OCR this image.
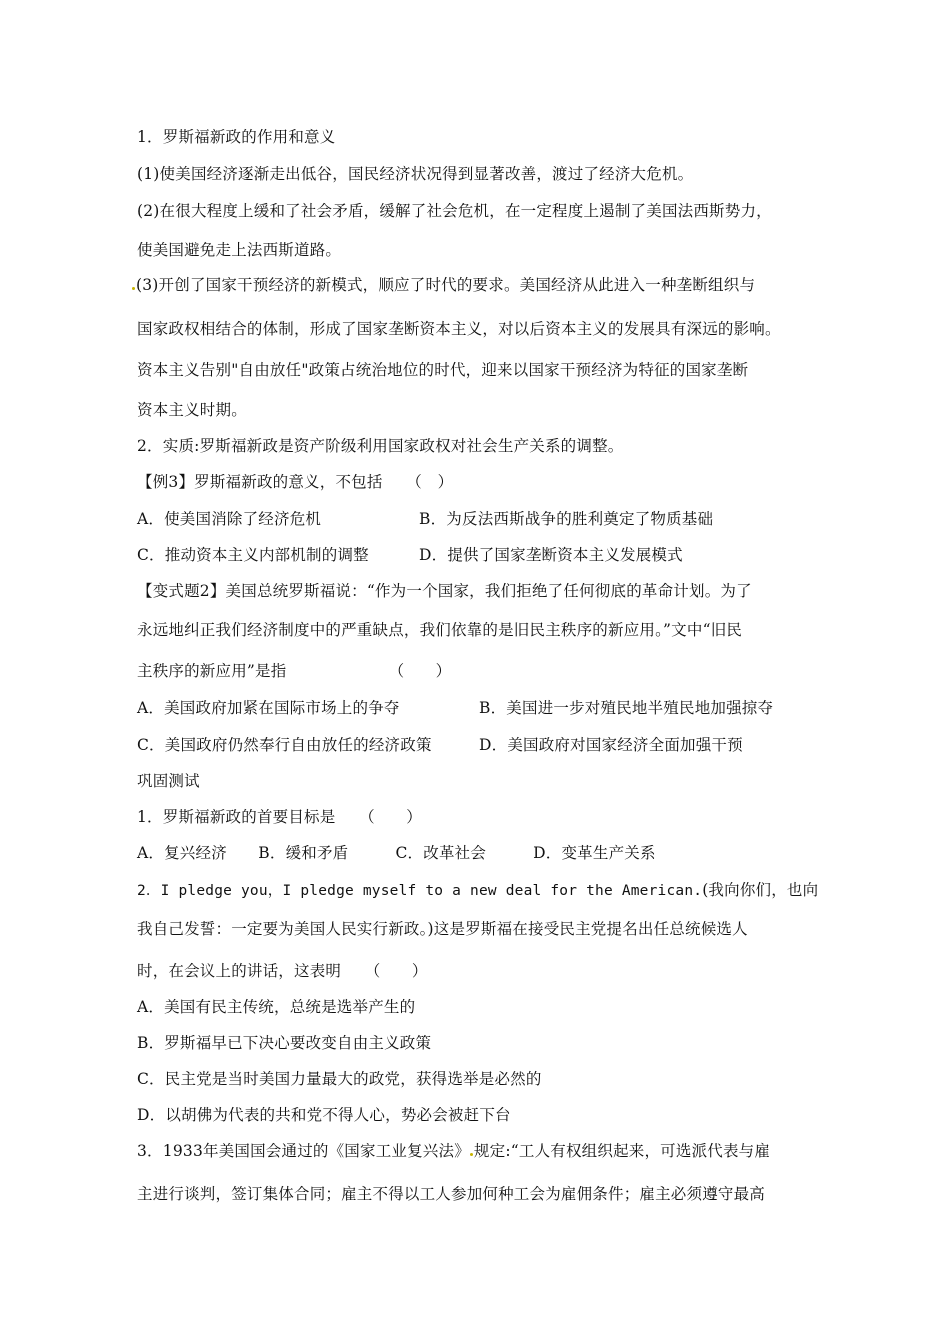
1．罗斯福新政的作用和意义
(1)使美国经济逐渐走出低谷，国民经济状况得到显著改善，渡过了经济大危机。
(2)在很大程度上缓和了社会矛盾，缓解了社会危机，在一定程度上遏制了美国法西斯势力，
使美国避免走上法西斯道路。
(3)开创了国家干预经济的新模式，顺应了时代的要求。美国经济从此进入一种垄断组织与
国家政权相结合的体制，形成了国家垄断资本主义，对以后资本主义的发展具有深远的影响。
资本主义告别"自由放任"政策占统治地位的时代，迎来以国家干预经济为特征的国家垄断
资本主义时期。
2．实质:罗斯福新政是资产阶级利用国家政权对社会生产关系的调整。
【例3】罗斯福新政的意义，不包括　　（　）
A．使美国消除了经济危机	B．为反法西斯战争的胜利奠定了物质基础
C．推动资本主义内部机制的调整	D．提供了国家垄断资本主义发展模式
【变式题2】美国总统罗斯福说：“作为一个国家，我们拒绝了任何彻底的革命计划。为了
永远地纠正我们经济制度中的严重缺点，我们依靠的是旧民主秩序的新应用。”文中“旧民
主秩序的新应用”是指　　　　　　　（　　）
A．美国政府加紧在国际市场上的争夺	B．美国进一步对殖民地半殖民地加强掠夺
C．美国政府仍然奉行自由放任的经济政策	D．美国政府对国家经济全面加强干预
巩固测试
1．罗斯福新政的首要目标是　　（　　）
A．复兴经济　　B．缓和矛盾　　　C．改革社会　　　D．变革生产关系
2．I pledge you，I pledge myself to a new deal for the American.(我向你们，也向
我自己发誓：一定要为美国人民实行新政。)这是罗斯福在接受民主党提名出任总统候选人
时，在会议上的讲话，这表明　　（　　）
A．美国有民主传统，总统是选举产生的
B．罗斯福早已下决心要改变自由主义政策
C．民主党是当时美国力量最大的政党，获得选举是必然的
D．以胡佛为代表的共和党不得人心，势必会被赶下台
3．1933年美国国会通过的《国家工业复兴法》 规定:“工人有权组织起来，可选派代表与雇
主进行谈判，签订集体合同；雇主不得以工人参加何种工会为雇佣条件；雇主必须遵守最高
